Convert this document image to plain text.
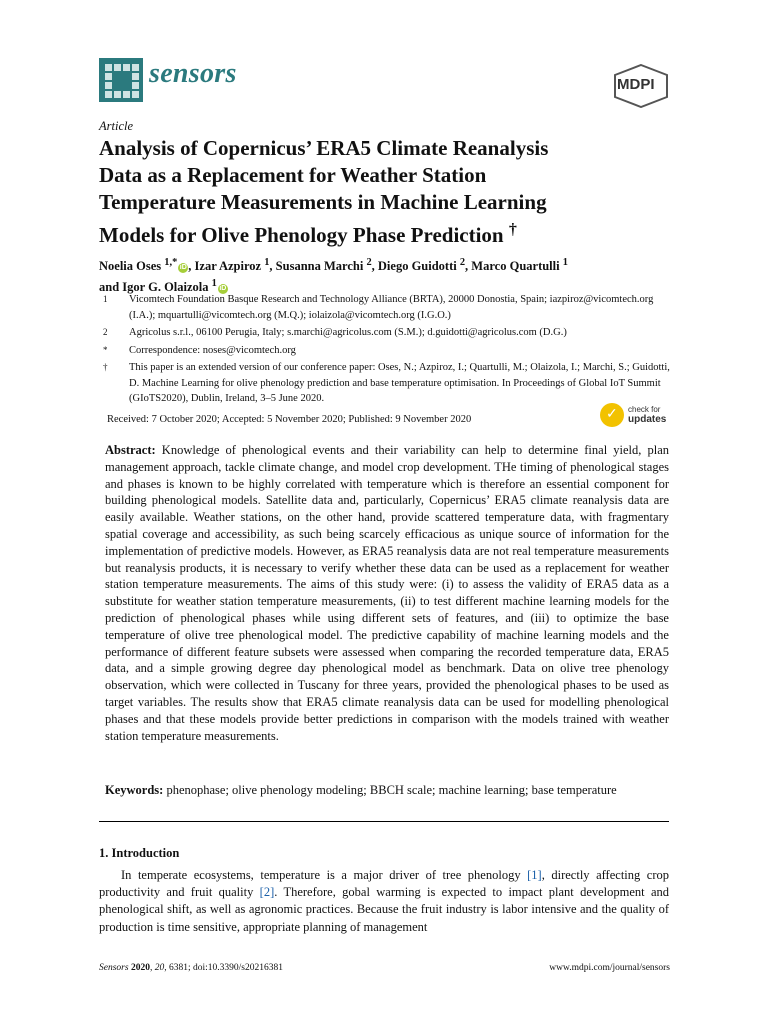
sensors	MDPI
Article
Analysis of Copernicus’ ERA5 Climate Reanalysis
Data as a Replacement for Weather Station
Temperature Measurements in Machine Learning
Models for Olive Phenology Phase Prediction †
Noelia Oses $^{1,*}$ iD , Izar Azpiroz $^1$, Susanna Marchi $^2$, Diego Guidotti $^2$, Marco Quartulli $^1$
and Igor G. Olaizola $^1$ iD
1	Vicomtech Foundation Basque Research and Technology Alliance (BRTA), 20000 Donostia, Spain; iazpiroz@vicomtech.org (I.A.); mquartulli@vicomtech.org (M.Q.); iolaizola@vicomtech.org (I.G.O.)
2	Agricolus s.r.l., 06100 Perugia, Italy; s.marchi@agricolus.com (S.M.); d.guidotti@agricolus.com (D.G.)
*	Correspondence: noses@vicomtech.org
†	This paper is an extended version of our conference paper: Oses, N.; Azpiroz, I.; Quartulli, M.; Olaizola, I.; Marchi, S.; Guidotti, D. Machine Learning for olive phenology prediction and base temperature optimisation. In Proceedings of Global IoT Summit (GIoTS2020), Dublin, Ireland, 3–5 June 2020.
Received: 7 October 2020; Accepted: 5 November 2020; Published: 9 November 2020	✓ check for
updates
Abstract: Knowledge of phenological events and their variability can help to determine final yield, plan management approach, tackle climate change, and model crop development. THe timing of phenological stages and phases is known to be highly correlated with temperature which is therefore an essential component for building phenological models. Satellite data and, particularly, Copernicus’ ERA5 climate reanalysis data are easily available. Weather stations, on the other hand, provide scattered temperature data, with fragmentary spatial coverage and accessibility, as such being scarcely efficacious as unique source of information for the implementation of predictive models. However, as ERA5 reanalysis data are not real temperature measurements but reanalysis products, it is necessary to verify whether these data can be used as a replacement for weather station temperature measurements. The aims of this study were: (i) to assess the validity of ERA5 data as a substitute for weather station temperature measurements, (ii) to test different machine learning models for the prediction of phenological phases while using different sets of features, and (iii) to optimize the base temperature of olive tree phenological model. The predictive capability of machine learning models and the performance of different feature subsets were assessed when comparing the recorded temperature data, ERA5 data, and a simple growing degree day phenological model as benchmark. Data on olive tree phenology observation, which were collected in Tuscany for three years, provided the phenological phases to be used as target variables. The results show that ERA5 climate reanalysis data can be used for modelling phenological phases and that these models provide better predictions in comparison with the models trained with weather station temperature measurements.
Keywords: phenophase; olive phenology modeling; BBCH scale; machine learning; base temperature
1. Introduction
In temperate ecosystems, temperature is a major driver of tree phenology [1], directly affecting crop productivity and fruit quality [2]. Therefore, gobal warming is expected to impact plant development and phenological shift, as well as agronomic practices. Because the fruit industry is labor intensive and the quality of production is time sensitive, appropriate planning of management
Sensors 2020, 20, 6381; doi:10.3390/s20216381	www.mdpi.com/journal/sensors
